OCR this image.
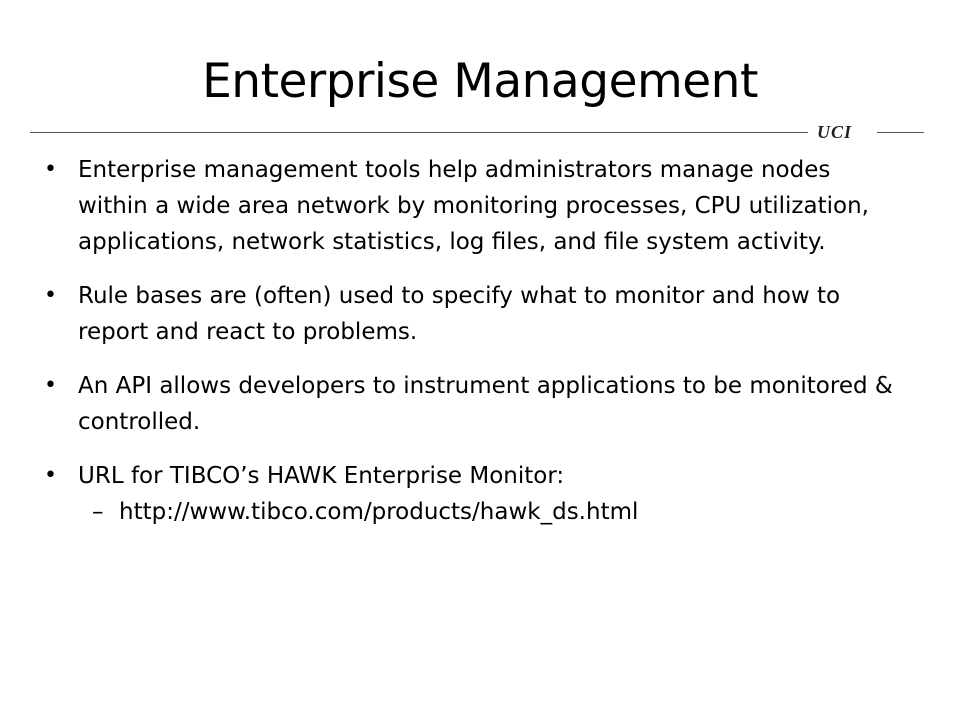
Enterprise Management
UCI
• Enterprise management tools help administrators manage nodes within a wide area network by monitoring processes, CPU utilization, applications, network statistics, log files, and file system activity.
• Rule bases are (often) used to specify what to monitor and how to report and react to problems.
• An API allows developers to instrument applications to be monitored & controlled.
• URL for TIBCO’s HAWK Enterprise Monitor:
– http://www.tibco.com/products/hawk_ds.html
